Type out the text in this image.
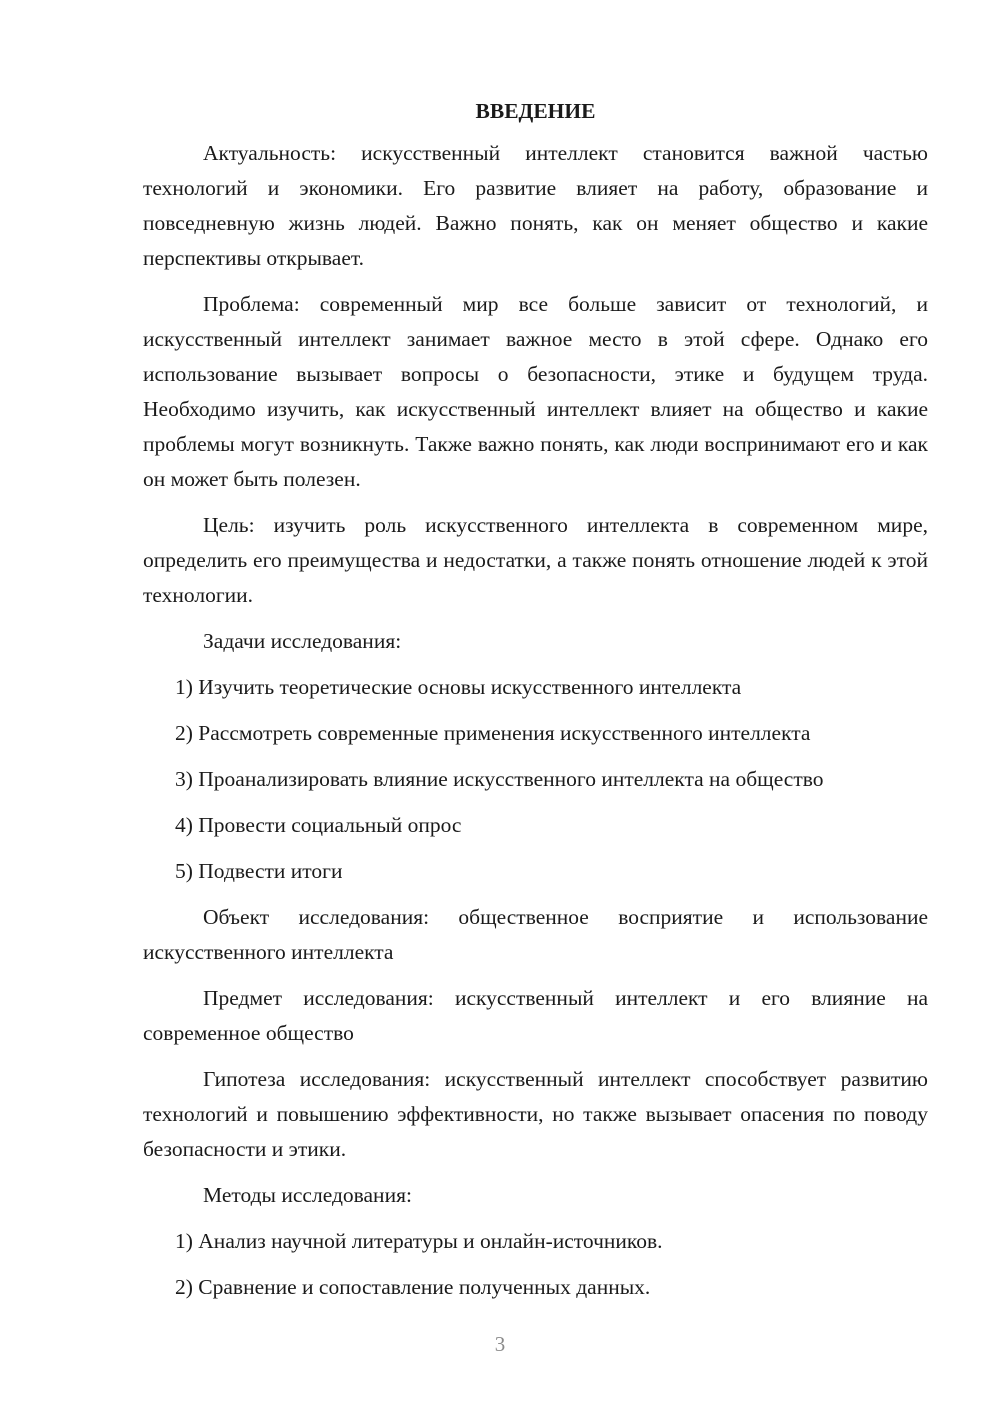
ВВЕДЕНИЕ

Актуальность: искусственный интеллект становится важной частью технологий и экономики. Его развитие влияет на работу, образование и повседневную жизнь людей. Важно понять, как он меняет общество и какие перспективы открывает.

Проблема: современный мир все больше зависит от технологий, и искусственный интеллект занимает важное место в этой сфере. Однако его использование вызывает вопросы о безопасности, этике и будущем труда. Необходимо изучить, как искусственный интеллект влияет на общество и какие проблемы могут возникнуть. Также важно понять, как люди воспринимают его и как он может быть полезен.

Цель: изучить роль искусственного интеллекта в современном мире, определить его преимущества и недостатки, а также понять отношение людей к этой технологии.

Задачи исследования:

1) Изучить теоретические основы искусственного интеллекта
2) Рассмотреть современные применения искусственного интеллекта
3) Проанализировать влияние искусственного интеллекта на общество
4) Провести социальный опрос
5) Подвести итоги

Объект исследования: общественное восприятие и использование искусственного интеллекта

Предмет исследования: искусственный интеллект и его влияние на современное общество

Гипотеза исследования: искусственный интеллект способствует развитию технологий и повышению эффективности, но также вызывает опасения по поводу безопасности и этики.

Методы исследования:

1) Анализ научной литературы и онлайн-источников.
2) Сравнение и сопоставление полученных данных.
3
